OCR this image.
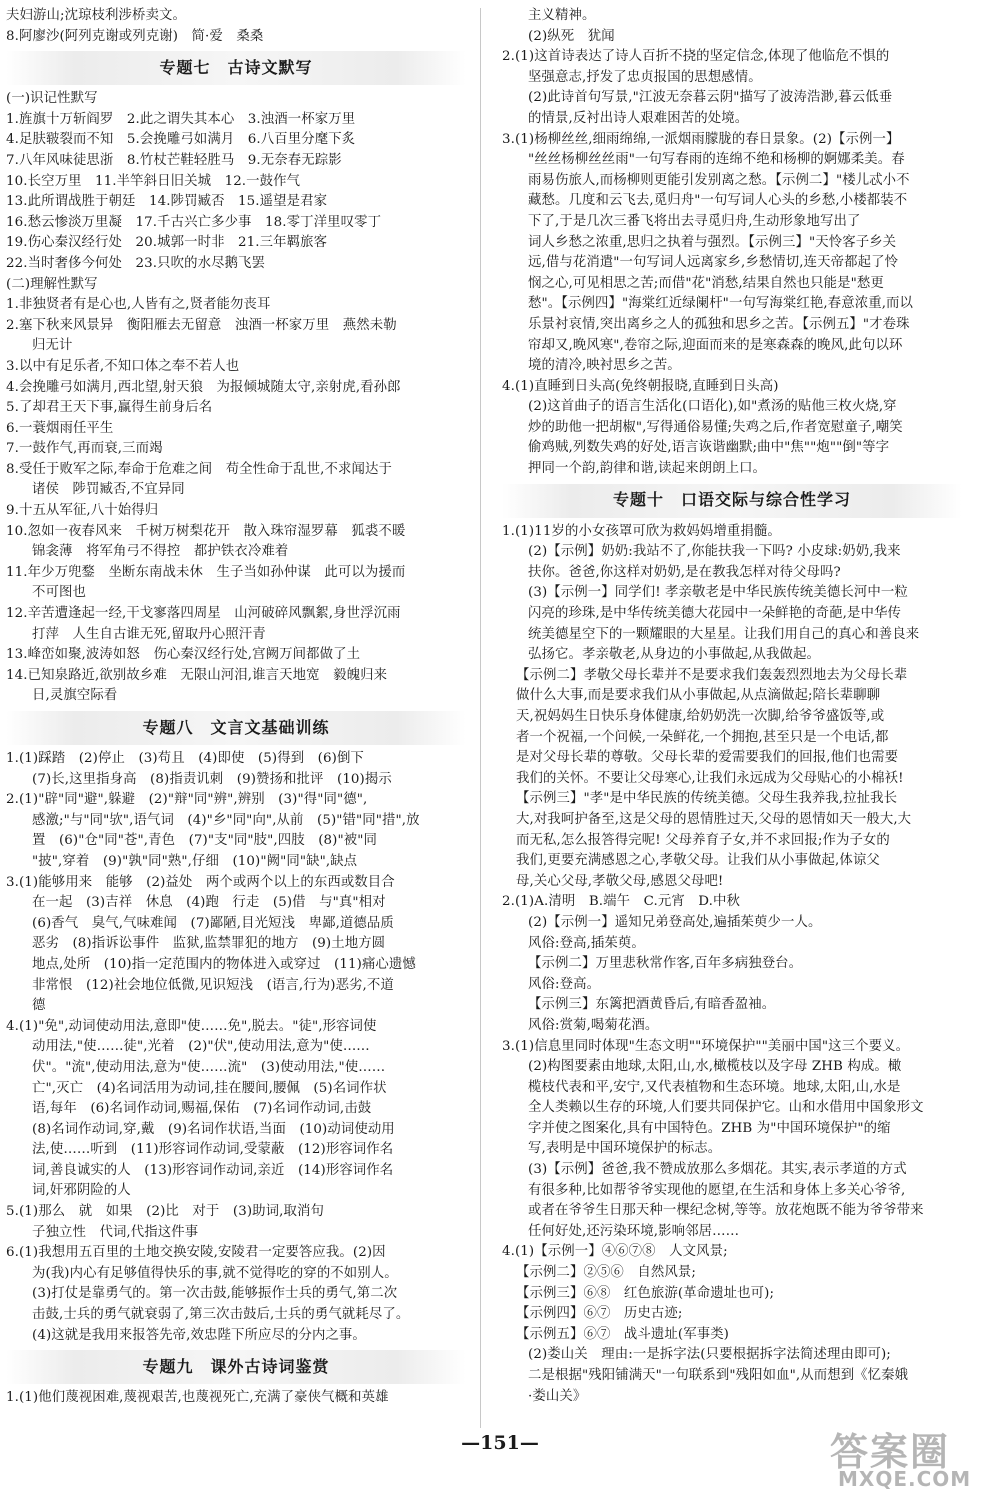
夫妇游山;沈琼枝利涉桥卖文。
8.阿廖沙(阿列克谢或列克谢)　简·爱　桑桑
专题七　古诗文默写
(一)识记性默写
1.旌旗十万斩阎罗　2.此之谓失其本心　3.浊酒一杯家万里
4.足肤皲裂而不知　5.会挽雕弓如满月　6.八百里分麾下炙
7.八年风味徒思浙　8.竹杖芒鞋轻胜马　9.无奈春无踪影
10.长空万里　11.半竿斜日旧关城　12.一鼓作气
13.此所谓战胜于朝廷　14.陟罚臧否　15.遥望是君家
16.愁云惨淡万里凝　17.千古兴亡多少事　18.零丁洋里叹零丁
19.伤心秦汉经行处　20.城郭一时非　21.三年羁旅客
22.当时奢侈今何处　23.只吹的水尽鹅飞罢
(二)理解性默写
1.非独贤者有是心也,人皆有之,贤者能勿丧耳
2.塞下秋来风景异　衡阳雁去无留意　浊酒一杯家万里　燕然未勒
归无计
3.以中有足乐者,不知口体之奉不若人也
4.会挽雕弓如满月,西北望,射天狼　为报倾城随太守,亲射虎,看孙郎
5.了却君王天下事,赢得生前身后名
6.一蓑烟雨任平生
7.一鼓作气,再而衰,三而竭
8.受任于败军之际,奉命于危难之间　苟全性命于乱世,不求闻达于
诸侯　陟罚臧否,不宜异同
9.十五从军征,八十始得归
10.忽如一夜春风来　千树万树梨花开　散入珠帘湿罗幕　狐裘不暖
锦衾薄　将军角弓不得控　都护铁衣冷难着
11.年少万兜鍪　坐断东南战未休　生子当如孙仲谋　此可以为援而
不可图也
12.辛苦遭逢起一经,干戈寥落四周星　山河破碎风飘絮,身世浮沉雨
打萍　人生自古谁无死,留取丹心照汗青
13.峰峦如聚,波涛如怒　伤心秦汉经行处,宫阙万间都做了土
14.已知泉路近,欲别故乡难　无限山河泪,谁言天地宽　毅魄归来
日,灵旗空际看
专题八　文言文基础训练
1.(1)踩踏　(2)停止　(3)苟且　(4)即使　(5)得到　(6)倒下
(7)长,这里指身高　(8)指责讥刺　(9)赞扬和批评　(10)揭示
2.(1)"辟"同"避",躲避　(2)"辩"同"辨",辨别　(3)"得"同"德",
感激;"与"同"欤",语气词　(4)"乡"同"向",从前　(5)"错"同"措",放
置　(6)"仓"同"苍",青色　(7)"支"同"肢",四肢　(8)"被"同
"披",穿着　(9)"孰"同"熟",仔细　(10)"阙"同"缺",缺点
3.(1)能够用来　能够　(2)益处　两个或两个以上的东西或数目合
在一起　(3)吉祥　休息　(4)跑　行走　(5)借　与"真"相对
(6)香气　臭气,气味难闻　(7)鄙陋,目光短浅　卑鄙,道德品质
恶劣　(8)指诉讼事件　监狱,监禁罪犯的地方　(9)土地方圆
地点,处所　(10)指一定范围内的物体进入或穿过　(11)痛心遗憾
非常恨　(12)社会地位低微,见识短浅　(语言,行为)恶劣,不道
德
4.(1)"免",动词使动用法,意即"使……免",脱去。"徒",形容词使
动用法,"使……徒",光着　(2)"伏",使动用法,意为"使……
伏"。"流",使动用法,意为"使……流"　(3)使动用法,"使……
亡",灭亡　(4)名词活用为动词,挂在腰间,腰佩　(5)名词作状
语,每年　(6)名词作动词,赐福,保佑　(7)名词作动词,击鼓
(8)名词作动词,穿,戴　(9)名词作状语,当面　(10)动词使动用
法,使……听到　(11)形容词作动词,受蒙蔽　(12)形容词作名
词,善良诚实的人　(13)形容词作动词,亲近　(14)形容词作名
词,奸邪阴险的人
5.(1)那么　就　如果　(2)比　对于　(3)助词,取消句
子独立性　代词,代指这件事
6.(1)我想用五百里的土地交换安陵,安陵君一定要答应我。(2)因
为(我)内心有足够值得快乐的事,就不觉得吃的穿的不如别人。
(3)打仗是靠勇气的。第一次击鼓,能够振作士兵的勇气,第二次
击鼓,士兵的勇气就衰弱了,第三次击鼓后,士兵的勇气就耗尽了。
(4)这就是我用来报答先帝,效忠陛下所应尽的分内之事。
专题九　课外古诗词鉴赏
1.(1)他们蔑视困难,蔑视艰苦,也蔑视死亡,充满了豪侠气概和英雄
主义精神。
(2)纵死　犹闻
2.(1)这首诗表达了诗人百折不挠的坚定信念,体现了他临危不惧的
坚强意志,抒发了忠贞报国的思想感情。
(2)此诗首句写景,"江波无奈暮云阴"描写了波涛浩渺,暮云低垂
的情景,反衬出诗人艰难困苦的处境。
3.(1)杨柳丝丝,细雨绵绵,一派烟雨朦胧的春日景象。(2)【示例一】
"丝丝杨柳丝丝雨"一句写春雨的连绵不绝和杨柳的婀娜柔美。春
雨易伤旅人,而杨柳则更能引发别离之愁。【示例二】"楼儿忒小不
藏愁。几度和云飞去,觅归舟"一句写词人心头的乡愁,小楼都装不
下了,于是几次三番飞将出去寻觅归舟,生动形象地写出了
词人乡愁之浓重,思归之执着与强烈。【示例三】"天怜客子乡关
远,借与花消遣"一句写词人远离家乡,乡愁情切,连天帝都起了怜
悯之心,可见相思之苦;而借"花"消愁,结果自然也只能是"愁更
愁"。【示例四】"海棠红近绿阑杆"一句写海棠红艳,春意浓重,而以
乐景衬哀情,突出离乡之人的孤独和思乡之苦。【示例五】"才卷珠
帘却又,晚风寒",卷帘之际,迎面而来的是寒森森的晚风,此句以环
境的清冷,映衬思乡之苦。
4.(1)直睡到日头高(免终朝报晓,直睡到日头高)
(2)这首曲子的语言生活化(口语化),如"煮汤的贴他三枚火烧,穿
炒的助他一把胡椒",写得通俗易懂;失鸡之后,作者宽慰童子,嘲笑
偷鸡贼,列数失鸡的好处,语言诙谐幽默;曲中"焦""炮""倒"等字
押同一个韵,韵律和谐,读起来朗朗上口。
专题十　口语交际与综合性学习
1.(1)11岁的小女孩罩可欣为救妈妈增重捐髓。
(2)【示例】奶奶:我站不了,你能扶我一下吗? 小皮球:奶奶,我来
扶你。爸爸,你这样对奶奶,是在教我怎样对待父母吗?
(3)【示例一】同学们! 孝亲敬老是中华民族传统美德长河中一粒
闪亮的珍珠,是中华传统美德大花园中一朵鲜艳的奇葩,是中华传
统美德星空下的一颗耀眼的大星星。让我们用自己的真心和善良来
弘扬它。孝亲敬老,从身边的小事做起,从我做起。
【示例二】孝敬父母长辈并不是要求我们轰轰烈烈地去为父母长辈
做什么大事,而是要求我们从小事做起,从点滴做起;陪长辈聊聊
天,祝妈妈生日快乐身体健康,给奶奶洗一次脚,给爷爷盛饭等,或
者一个祝福,一个问候,一朵鲜花,一个拥抱,甚至只是一个电话,都
是对父母长辈的尊敬。父母长辈的爱需要我们的回报,他们也需要
我们的关怀。不要让父母寒心,让我们永远成为父母贴心的小棉袄!
【示例三】"孝"是中华民族的传统美德。父母生我养我,拉扯我长
大,对我呵护备至,这是父母的恩情胜过天,父母的恩情如天一般大,大
而无私,怎么报答得完呢! 父母养育子女,并不求回报;作为子女的
我们,更要充满感恩之心,孝敬父母。让我们从小事做起,体谅父
母,关心父母,孝敬父母,感恩父母吧!
2.(1)A.清明　B.端午　C.元宵　D.中秋
(2)【示例一】遥知兄弟登高处,遍插茱萸少一人。
风俗:登高,插茱萸。
【示例二】万里悲秋常作客,百年多病独登台。
风俗:登高。
【示例三】东篱把酒黄昏后,有暗香盈袖。
风俗:赏菊,喝菊花酒。
3.(1)信息里同时体现"生态文明""环境保护""美丽中国"这三个要义。
(2)构图要素由地球,太阳,山,水,橄榄枝以及字母 ZHB 构成。橄
榄枝代表和平,安宁,又代表植物和生态环境。地球,太阳,山,水是
全人类赖以生存的环境,人们要共同保护它。山和水借用中国象形文
字并使之图案化,具有中国特色。ZHB 为"中国环境保护"的缩
写,表明是中国环境保护的标志。
(3)【示例】爸爸,我不赞成放那么多烟花。其实,表示孝道的方式
有很多种,比如帮爷爷实现他的愿望,在生活和身体上多关心爷爷,
或者在爷爷生日那天种一棵纪念树,等等。放花炮既不能为爷爷带来
任何好处,还污染环境,影响邻居……
4.(1)【示例一】④⑥⑦⑧　人文风景;
【示例二】②⑤⑥　自然风景;
【示例三】⑥⑧　红色旅游(革命遗址也可);
【示例四】⑥⑦　历史古迹;
【示例五】⑥⑦　战斗遗址(军事类)
(2)娄山关　理由:一是拆字法(只要根据拆字法简述理由即可);
二是根据"残阳铺满天"一句联系到"残阳如血",从而想到《忆秦娥
·娄山关》
—151—	答案圈
MXQE.COM
